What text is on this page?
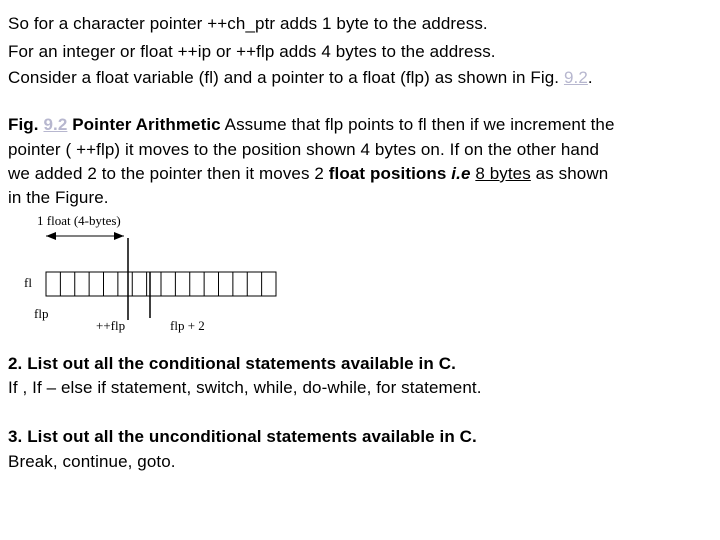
So for a character pointer ++ch_ptr adds 1 byte to the address.
For an integer or float ++ip or ++flp adds 4 bytes to the address.
Consider a float variable (fl) and a pointer to a float (flp) as shown in Fig. 9.2.
Fig. 9.2 Pointer Arithmetic Assume that flp points to fl then if we increment the
pointer ( ++flp) it moves to the position shown 4 bytes on. If on the other hand
we added 2 to the pointer then it moves 2 float positions i.e 8 bytes as shown
in the Figure.
1 float (4-bytes)
fl
flp
++flp	flp + 2
2. List out all the conditional statements available in C.
If , If – else if statement, switch, while, do-while, for statement.
3. List out all the unconditional statements available in C.
Break, continue, goto.
